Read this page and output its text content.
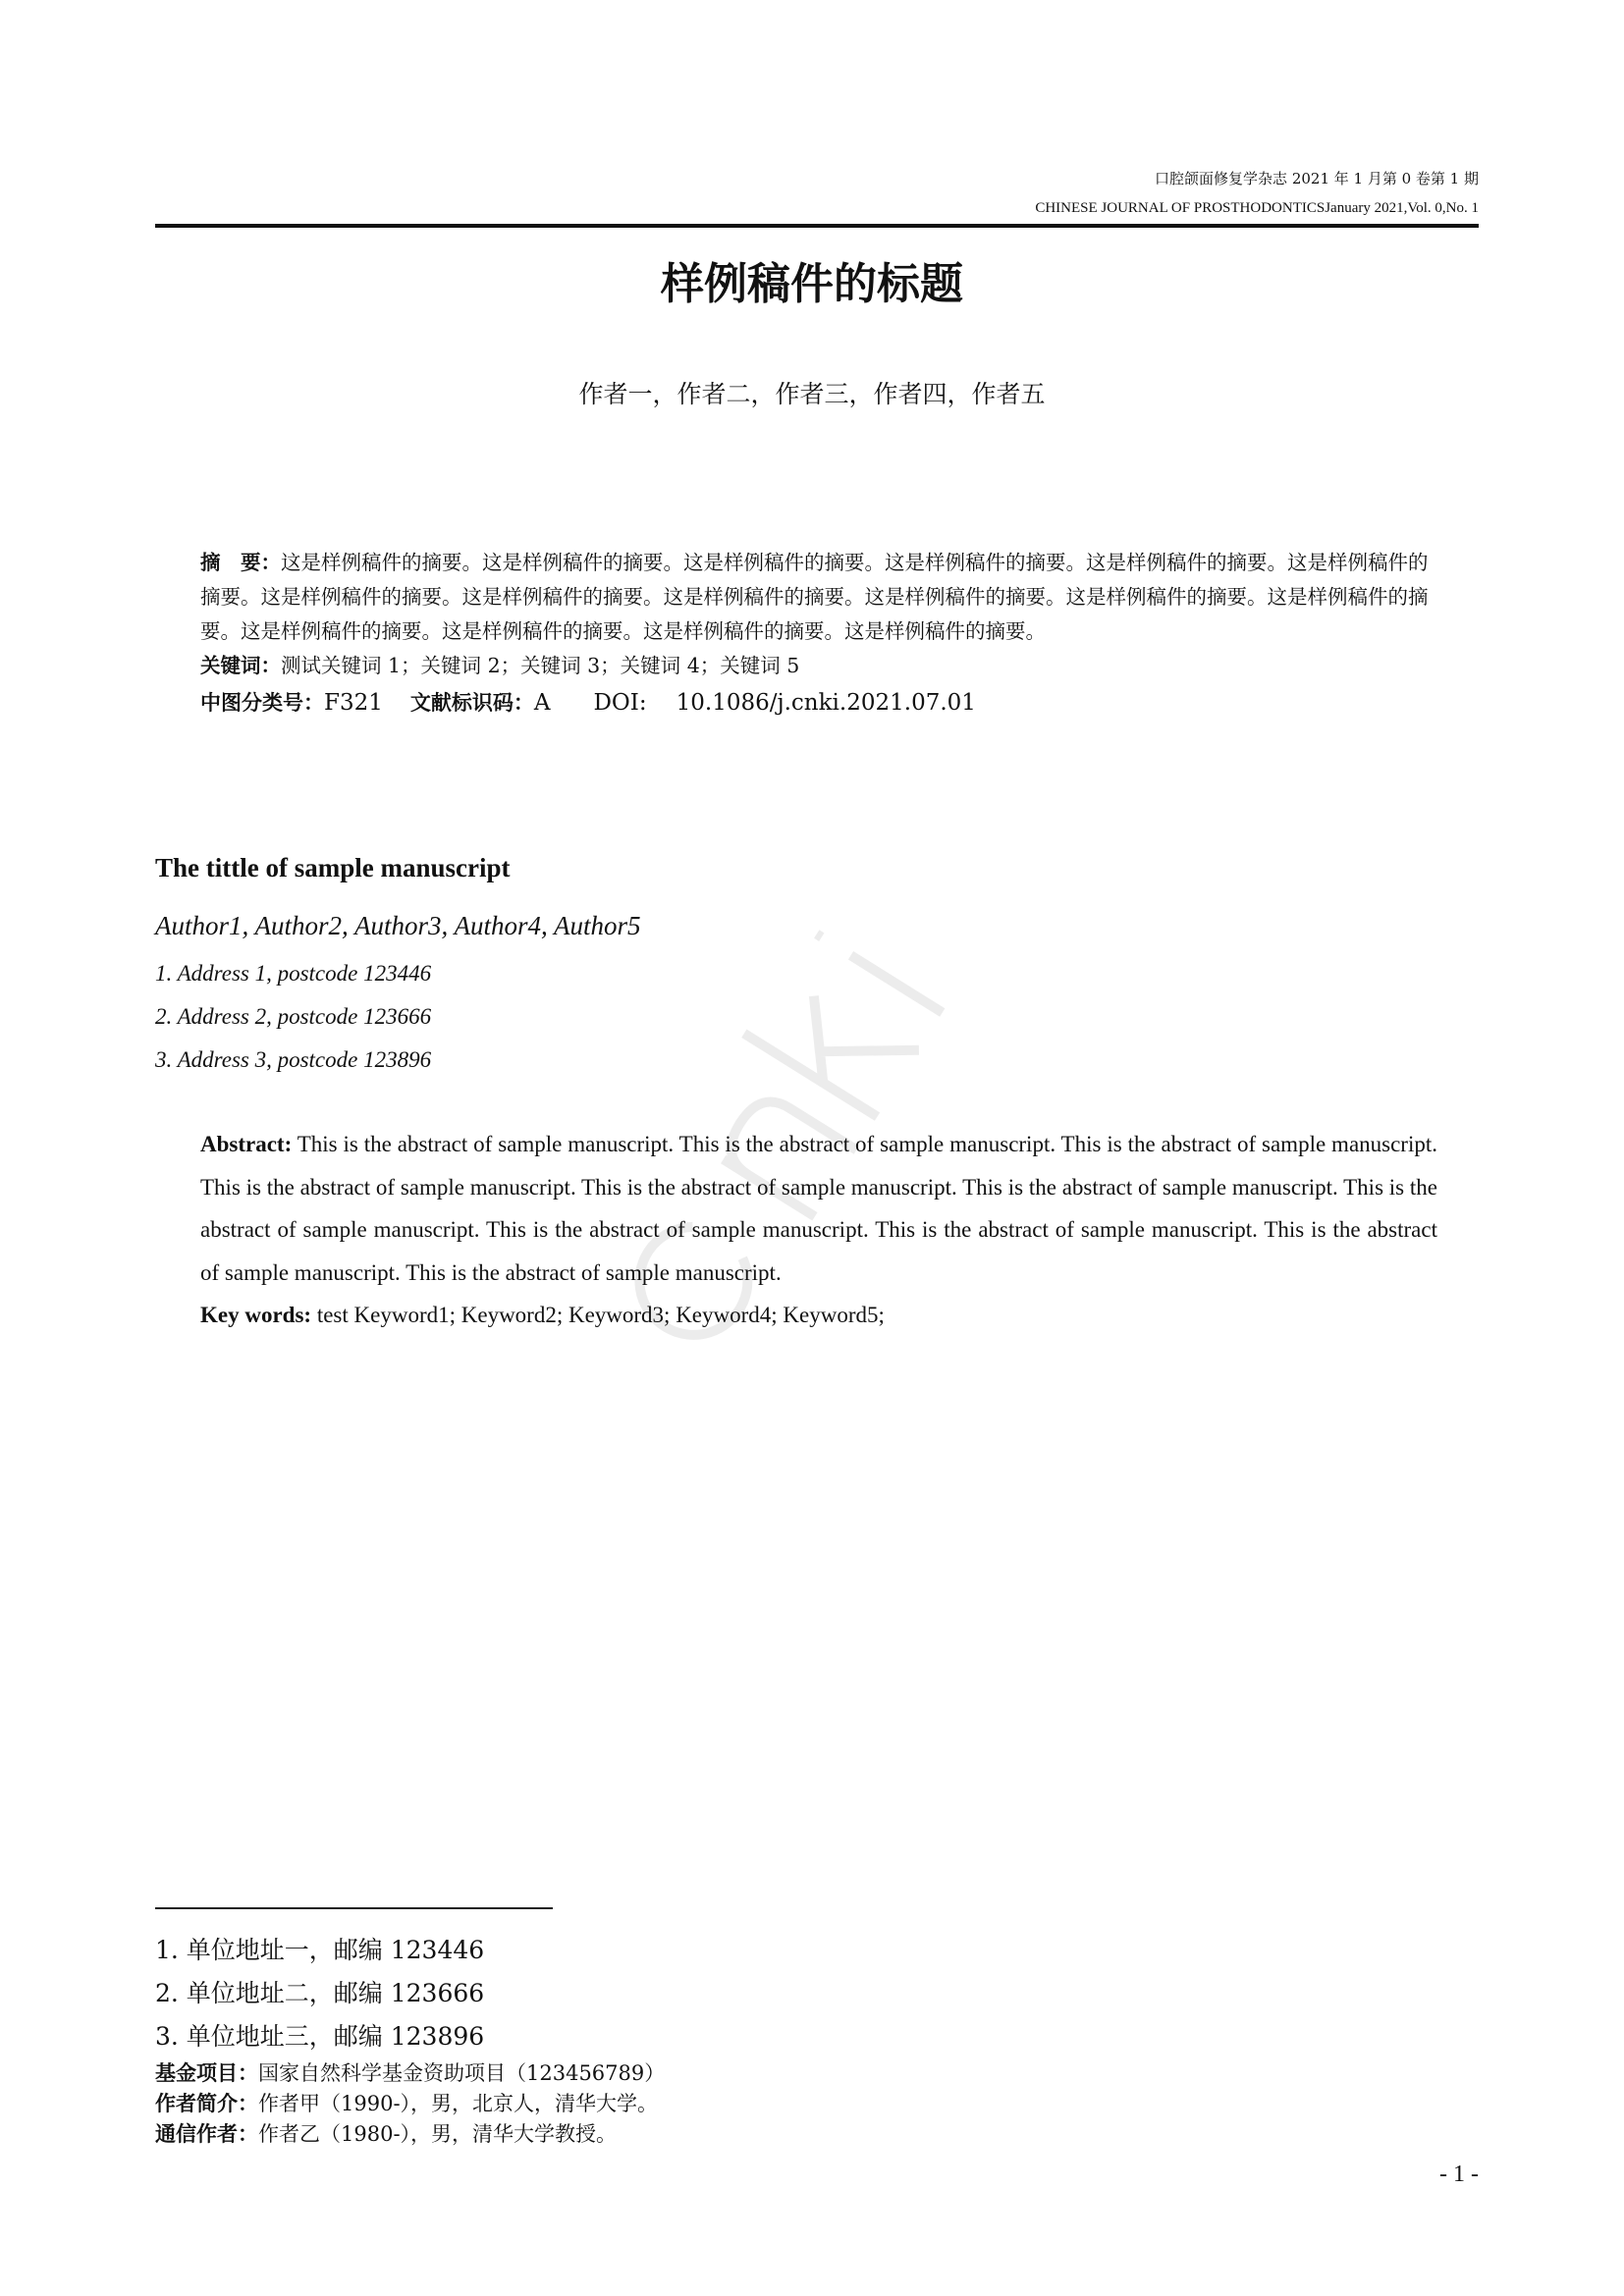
口腔颌面修复学杂志 2021 年 1 月第 0 卷第 1 期
CHINESE JOURNAL OF PROSTHODONTICSJanuary 2021,Vol. 0,No. 1
样例稿件的标题
作者一，作者二，作者三，作者四，作者五

摘　要：这是样例稿件的摘要。这是样例稿件的摘要。这是样例稿件的摘要。这是样例稿件的摘要。这是样例稿件的摘要。这是样例稿件的摘要。这是样例稿件的摘要。这是样例稿件的摘要。这是样例稿件的摘要。这是样例稿件的摘要。这是样例稿件的摘要。这是样例稿件的摘要。这是样例稿件的摘要。这是样例稿件的摘要。这是样例稿件的摘要。这是样例稿件的摘要。

关键词：测试关键词 1；关键词 2；关键词 3；关键词 4；关键词 5

中图分类号：F321 文献标识码：A DOI: 10.1086/j.cnki.2021.07.01
The tittle of sample manuscript
Author1, Author2, Author3, Author4, Author5
1. Address 1, postcode 123446
2. Address 2, postcode 123666
3. Address 3, postcode 123896

Abstract: This is the abstract of sample manuscript. This is the abstract of sample manuscript. This is the abstract of sample manuscript. This is the abstract of sample manuscript. This is the abstract of sample manuscript. This is the abstract of sample manuscript. This is the abstract of sample manuscript. This is the abstract of sample manuscript. This is the abstract of sample manuscript. This is the abstract of sample manuscript. This is the abstract of sample manuscript.

Key words: test Keyword1; Keyword2; Keyword3; Keyword4; Keyword5;

1. 单位地址一，邮编 123446
2. 单位地址二，邮编 123666
3. 单位地址三，邮编 123896
基金项目：国家自然科学基金资助项目（123456789）
作者简介：作者甲（1990-），男，北京人，清华大学。
通信作者：作者乙（1980-），男，清华大学教授。
- 1 -
